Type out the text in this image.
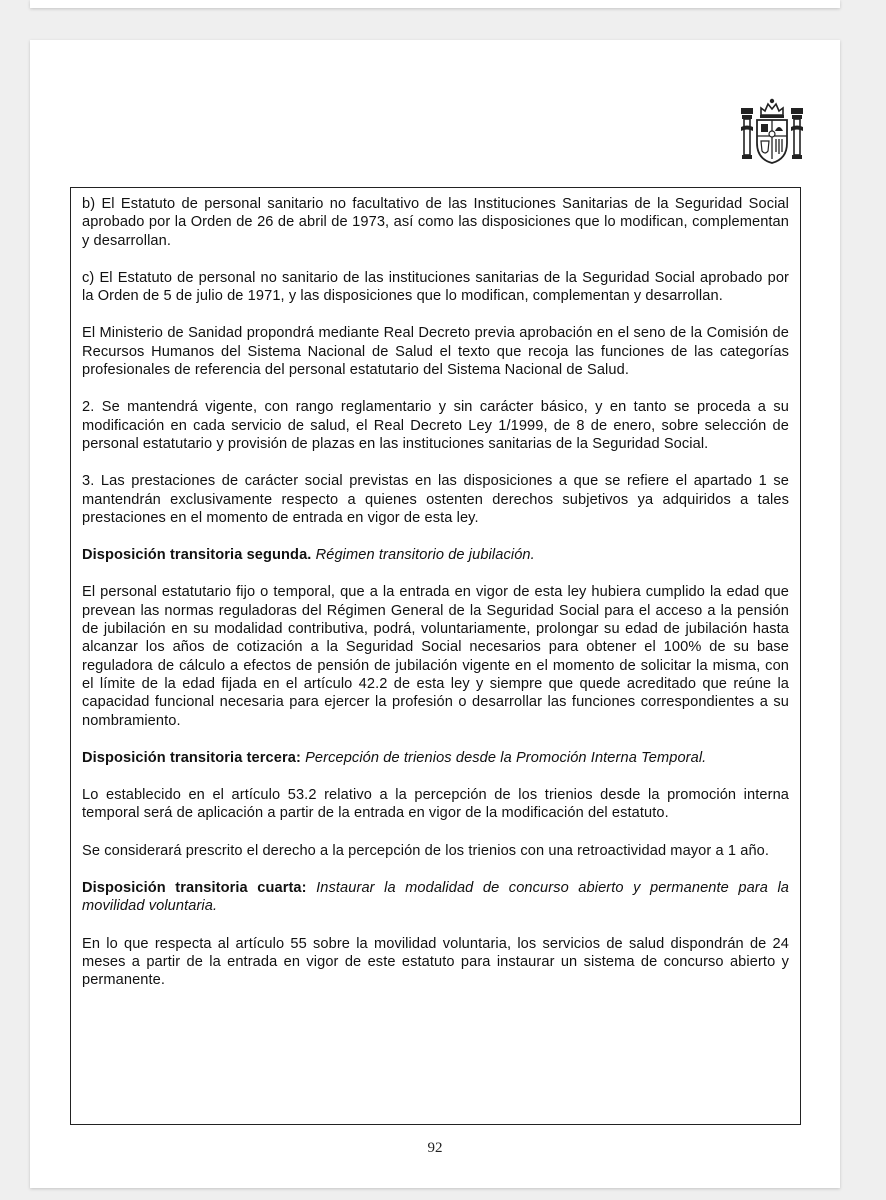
b) El Estatuto de personal sanitario no facultativo de las Instituciones Sanitarias de la Seguridad Social aprobado por la Orden de 26 de abril de 1973, así como las disposiciones que lo modifican, complementan y desarrollan.

c) El Estatuto de personal no sanitario de las instituciones sanitarias de la Seguridad Social aprobado por la Orden de 5 de julio de 1971, y las disposiciones que lo modifican, complementan y desarrollan.

El Ministerio de Sanidad propondrá mediante Real Decreto previa aprobación en el seno de la Comisión de Recursos Humanos del Sistema Nacional de Salud el texto que recoja las funciones de las categorías profesionales de referencia del personal estatutario del Sistema Nacional de Salud.

2. Se mantendrá vigente, con rango reglamentario y sin carácter básico, y en tanto se proceda a su modificación en cada servicio de salud, el Real Decreto Ley 1/1999, de 8 de enero, sobre selección de personal estatutario y provisión de plazas en las instituciones sanitarias de la Seguridad Social.

3. Las prestaciones de carácter social previstas en las disposiciones a que se refiere el apartado 1 se mantendrán exclusivamente respecto a quienes ostenten derechos subjetivos ya adquiridos a tales prestaciones en el momento de entrada en vigor de esta ley.

Disposición transitoria segunda. Régimen transitorio de jubilación.

El personal estatutario fijo o temporal, que a la entrada en vigor de esta ley hubiera cumplido la edad que prevean las normas reguladoras del Régimen General de la Seguridad Social para el acceso a la pensión de jubilación en su modalidad contributiva, podrá, voluntariamente, prolongar su edad de jubilación hasta alcanzar los años de cotización a la Seguridad Social necesarios para obtener el 100% de su base reguladora de cálculo a efectos de pensión de jubilación vigente en el momento de solicitar la misma, con el límite de la edad fijada en el artículo 42.2 de esta ley y siempre que quede acreditado que reúne la capacidad funcional necesaria para ejercer la profesión o desarrollar las funciones correspondientes a su nombramiento.

Disposición transitoria tercera: Percepción de trienios desde la Promoción Interna Temporal.

Lo establecido en el artículo 53.2 relativo a la percepción de los trienios desde la promoción interna temporal será de aplicación a partir de la entrada en vigor de la modificación del estatuto.

Se considerará prescrito el derecho a la percepción de los trienios con una retroactividad mayor a 1 año.

Disposición transitoria cuarta: Instaurar la modalidad de concurso abierto y permanente para la movilidad voluntaria.

En lo que respecta al artículo 55 sobre la movilidad voluntaria, los servicios de salud dispondrán de 24 meses a partir de la entrada en vigor de este estatuto para instaurar un sistema de concurso abierto y permanente.

92
